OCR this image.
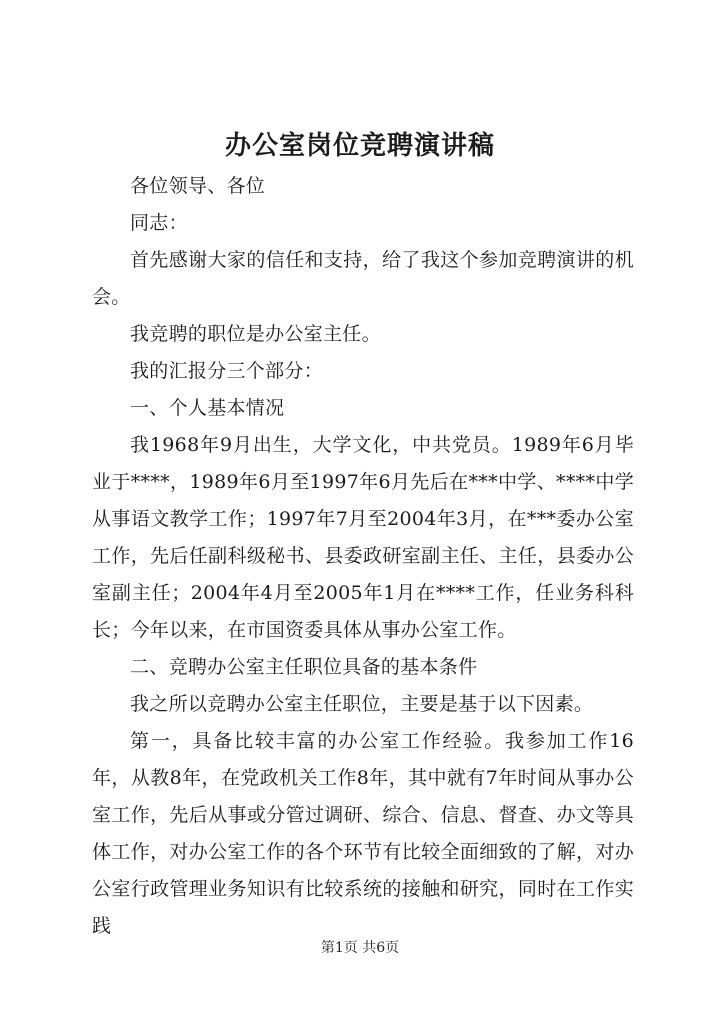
办公室岗位竞聘演讲稿

各位领导、各位

同志：

首先感谢大家的信任和支持，给了我这个参加竞聘演讲的机会。

我竞聘的职位是办公室主任。

我的汇报分三个部分：

一、个人基本情况

我1968年9月出生，大学文化，中共党员。1989年6月毕业于****，1989年6月至1997年6月先后在***中学、****中学从事语文教学工作；1997年7月至2004年3月，在***委办公室工作，先后任副科级秘书、县委政研室副主任、主任，县委办公室副主任；2004年4月至2005年1月在****工作，任业务科科长；今年以来，在市国资委具体从事办公室工作。

二、竞聘办公室主任职位具备的基本条件

我之所以竞聘办公室主任职位，主要是基于以下因素。

第一，具备比较丰富的办公室工作经验。我参加工作16年，从教8年，在党政机关工作8年，其中就有7年时间从事办公室工作，先后从事或分管过调研、综合、信息、督查、办文等具体工作，对办公室工作的各个环节有比较全面细致的了解，对办公室行政管理业务知识有比较系统的接触和研究，同时在工作实践

第1页 共6页
